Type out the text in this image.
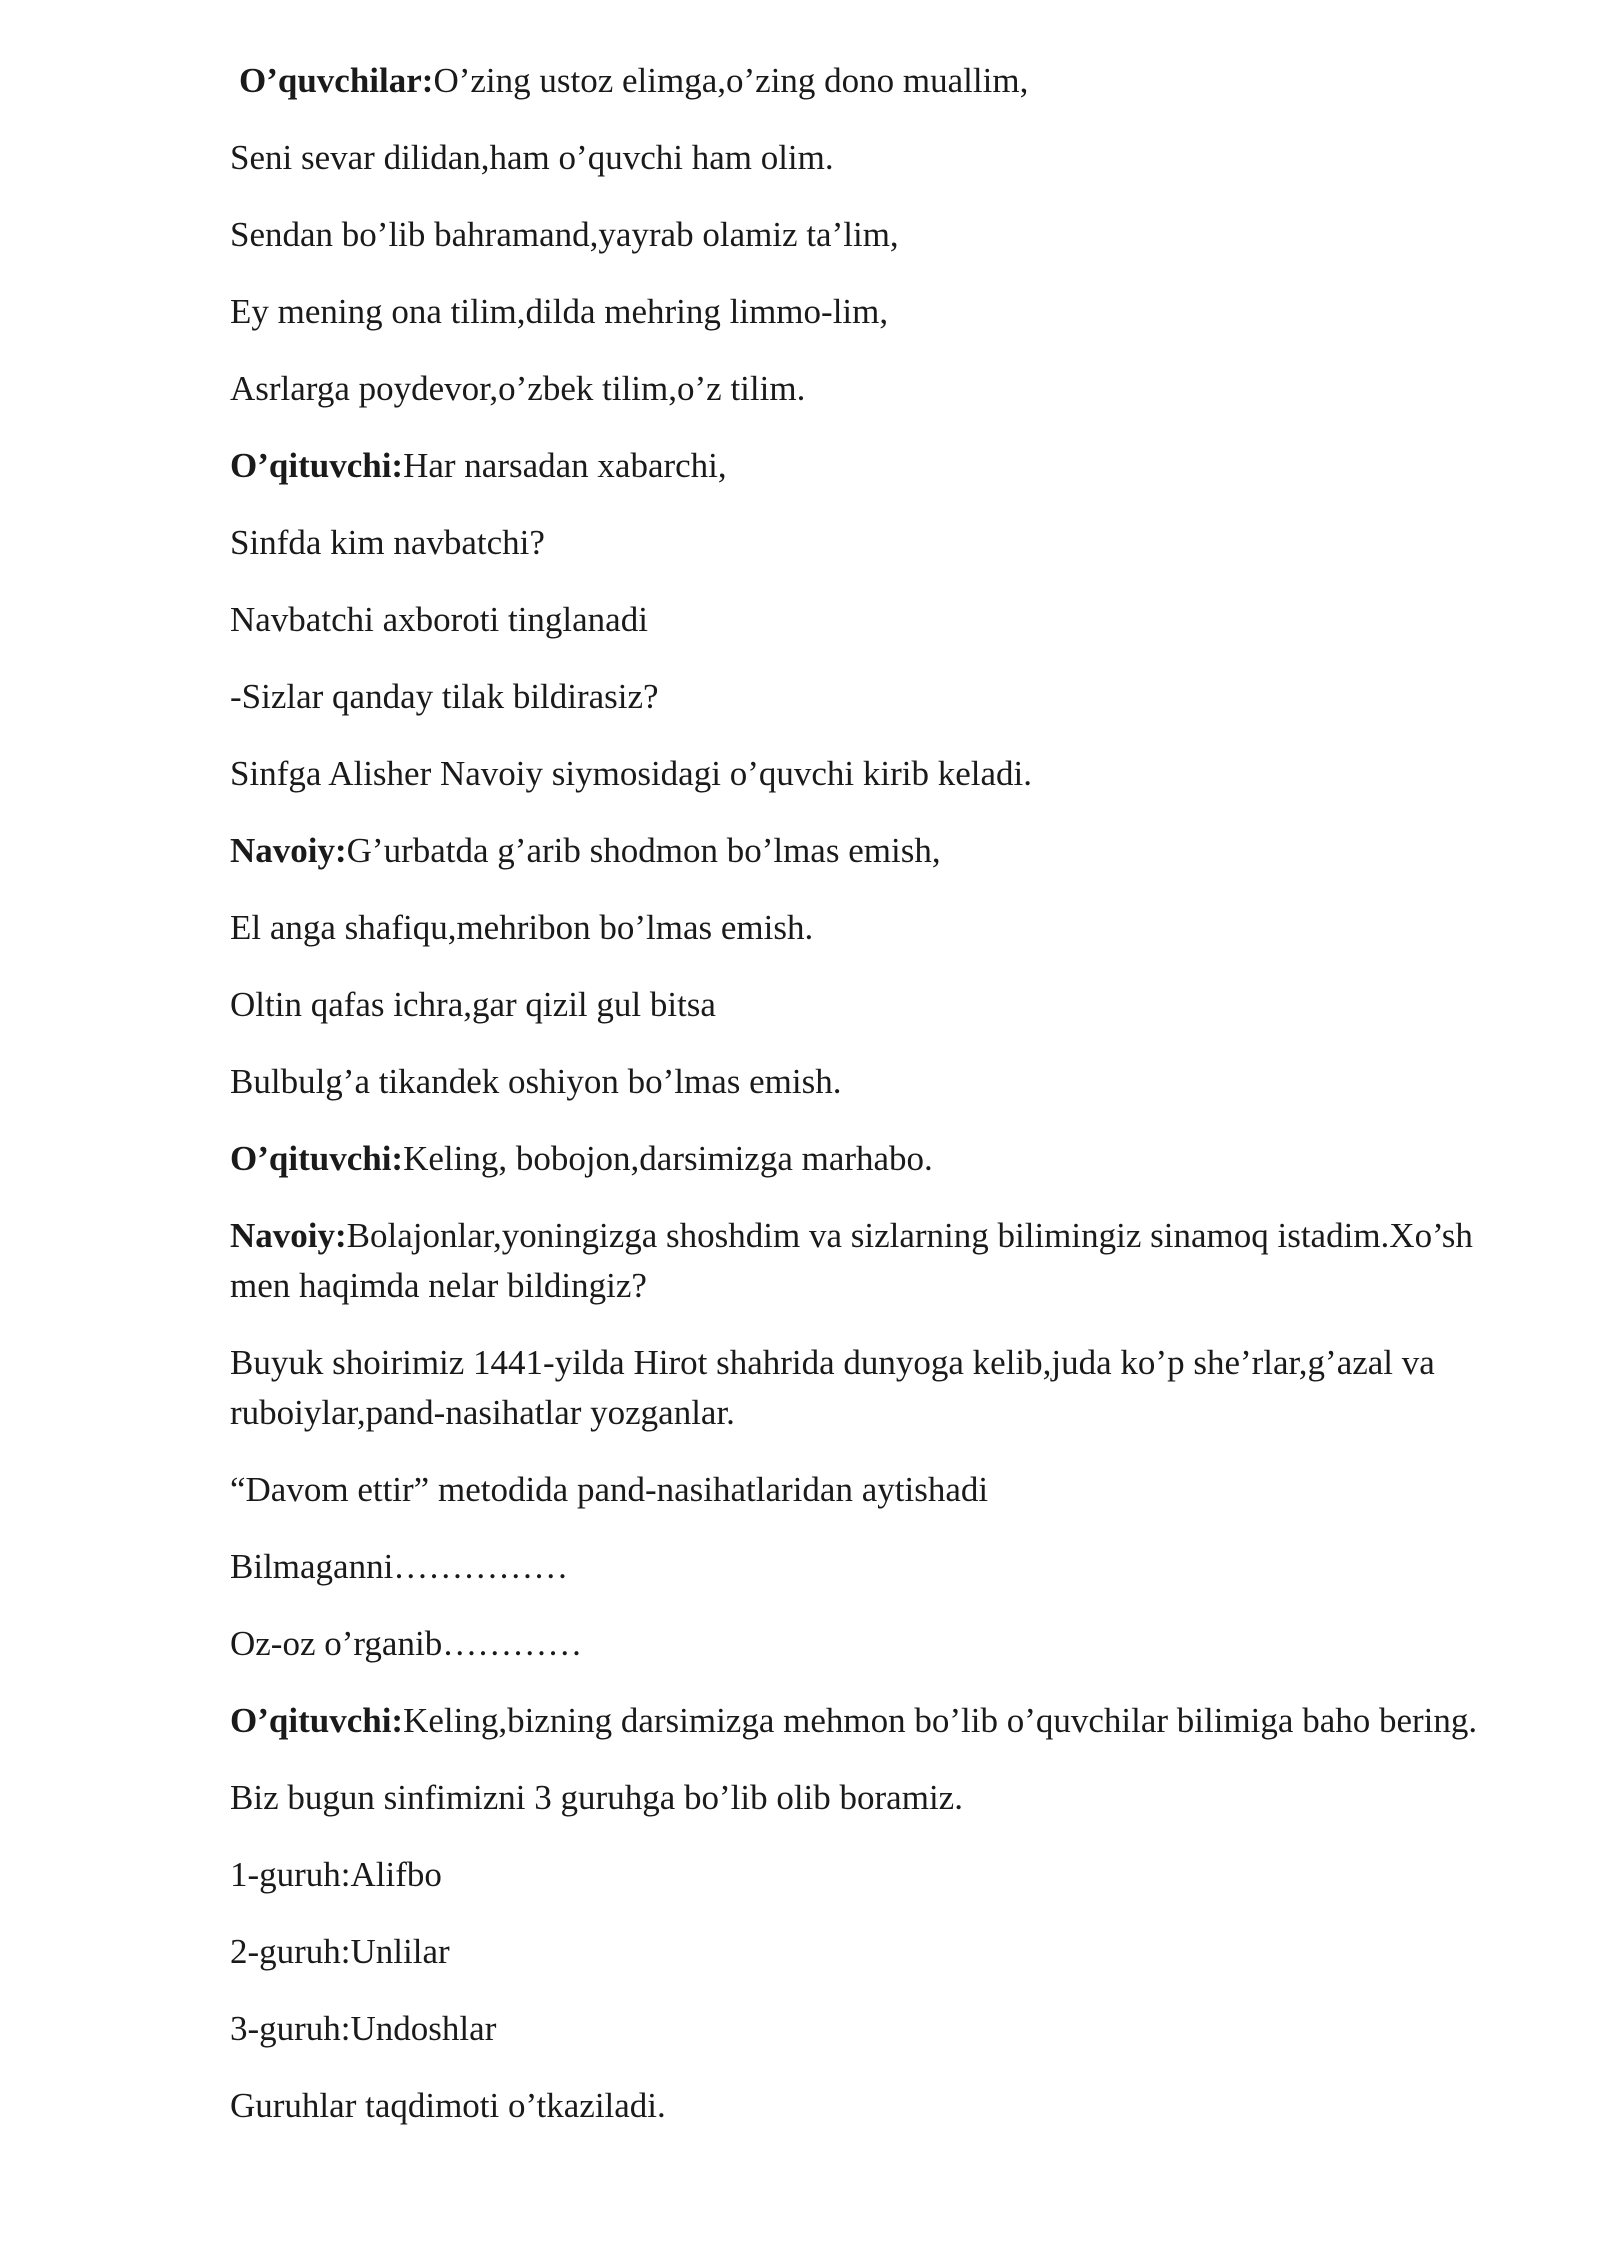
O’quvchilar:O’zing ustoz elimga,o’zing dono muallim,

Seni sevar dilidan,ham o’quvchi ham olim.

Sendan bo’lib bahramand,yayrab olamiz ta’lim,

Ey mening ona tilim,dilda mehring limmo-lim,

Asrlarga poydevor,o’zbek tilim,o’z tilim.

O’qituvchi:Har narsadan xabarchi,

Sinfda kim navbatchi?

Navbatchi axboroti tinglanadi

-Sizlar qanday tilak bildirasiz?

Sinfga Alisher Navoiy siymosidagi o’quvchi kirib keladi.

Navoiy:G’urbatda g’arib shodmon bo’lmas emish,

El anga shafiqu,mehribon bo’lmas emish.

Oltin qafas ichra,gar qizil gul bitsa

Bulbulg’a tikandek oshiyon bo’lmas emish.

O’qituvchi:Keling, bobojon,darsimizga marhabo.

Navoiy:Bolajonlar,yoningizga shoshdim va sizlarning bilimingiz sinamoq istadim.Xo’sh men haqimda nelar bildingiz?

Buyuk shoirimiz 1441-yilda Hirot shahrida dunyoga kelib,juda ko’p she’rlar,g’azal va ruboiylar,pand-nasihatlar yozganlar.

“Davom ettir” metodida pand-nasihatlaridan aytishadi

Bilmaganni……………

Oz-oz o’rganib…………

O’qituvchi:Keling,bizning darsimizga mehmon bo’lib o’quvchilar bilimiga baho bering.

Biz bugun sinfimizni 3 guruhga bo’lib olib boramiz.

1-guruh:Alifbo

2-guruh:Unlilar

3-guruh:Undoshlar

Guruhlar taqdimoti o’tkaziladi.
